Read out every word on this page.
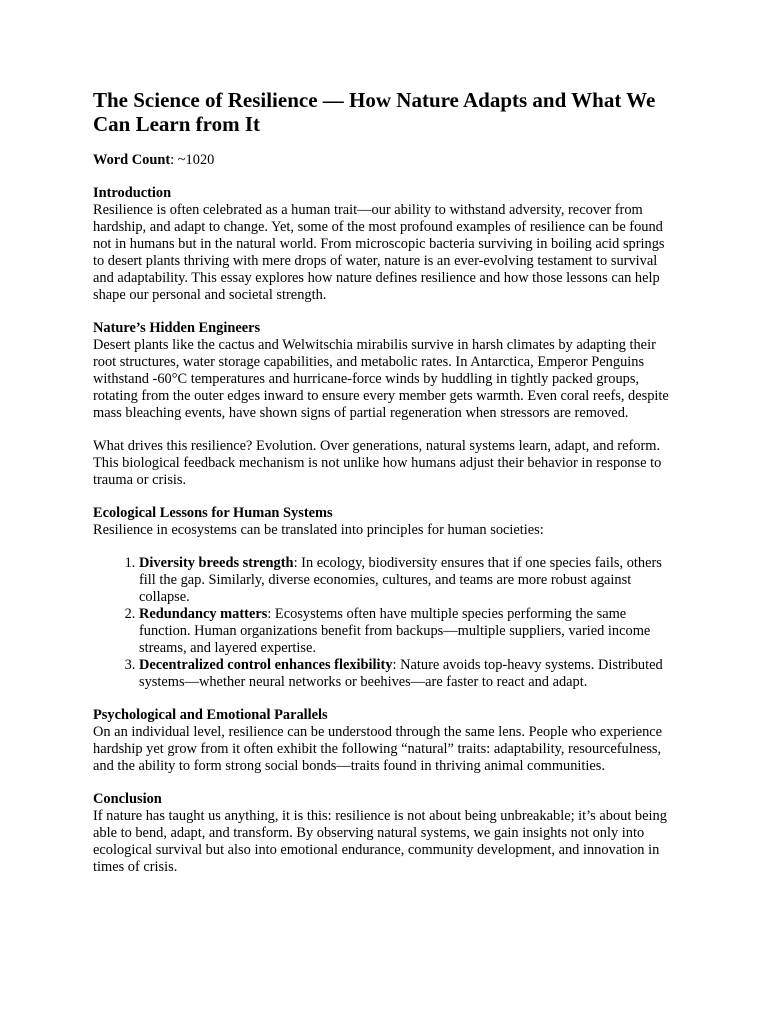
The Science of Resilience — How Nature Adapts and What We Can Learn from It

Word Count: ~1020

Introduction

Resilience is often celebrated as a human trait—our ability to withstand adversity, recover from hardship, and adapt to change. Yet, some of the most profound examples of resilience can be found not in humans but in the natural world. From microscopic bacteria surviving in boiling acid springs to desert plants thriving with mere drops of water, nature is an ever-evolving testament to survival and adaptability. This essay explores how nature defines resilience and how those lessons can help shape our personal and societal strength.

Nature’s Hidden Engineers

Desert plants like the cactus and Welwitschia mirabilis survive in harsh climates by adapting their root structures, water storage capabilities, and metabolic rates. In Antarctica, Emperor Penguins withstand -60°C temperatures and hurricane-force winds by huddling in tightly packed groups, rotating from the outer edges inward to ensure every member gets warmth. Even coral reefs, despite mass bleaching events, have shown signs of partial regeneration when stressors are removed.

What drives this resilience? Evolution. Over generations, natural systems learn, adapt, and reform. This biological feedback mechanism is not unlike how humans adjust their behavior in response to trauma or crisis.

Ecological Lessons for Human Systems

Resilience in ecosystems can be translated into principles for human societies:

1. Diversity breeds strength: In ecology, biodiversity ensures that if one species fails, others fill the gap. Similarly, diverse economies, cultures, and teams are more robust against collapse.
2. Redundancy matters: Ecosystems often have multiple species performing the same function. Human organizations benefit from backups—multiple suppliers, varied income streams, and layered expertise.
3. Decentralized control enhances flexibility: Nature avoids top-heavy systems. Distributed systems—whether neural networks or beehives—are faster to react and adapt.

Psychological and Emotional Parallels

On an individual level, resilience can be understood through the same lens. People who experience hardship yet grow from it often exhibit the following “natural” traits: adaptability, resourcefulness, and the ability to form strong social bonds—traits found in thriving animal communities.

Conclusion

If nature has taught us anything, it is this: resilience is not about being unbreakable; it’s about being able to bend, adapt, and transform. By observing natural systems, we gain insights not only into ecological survival but also into emotional endurance, community development, and innovation in times of crisis.
